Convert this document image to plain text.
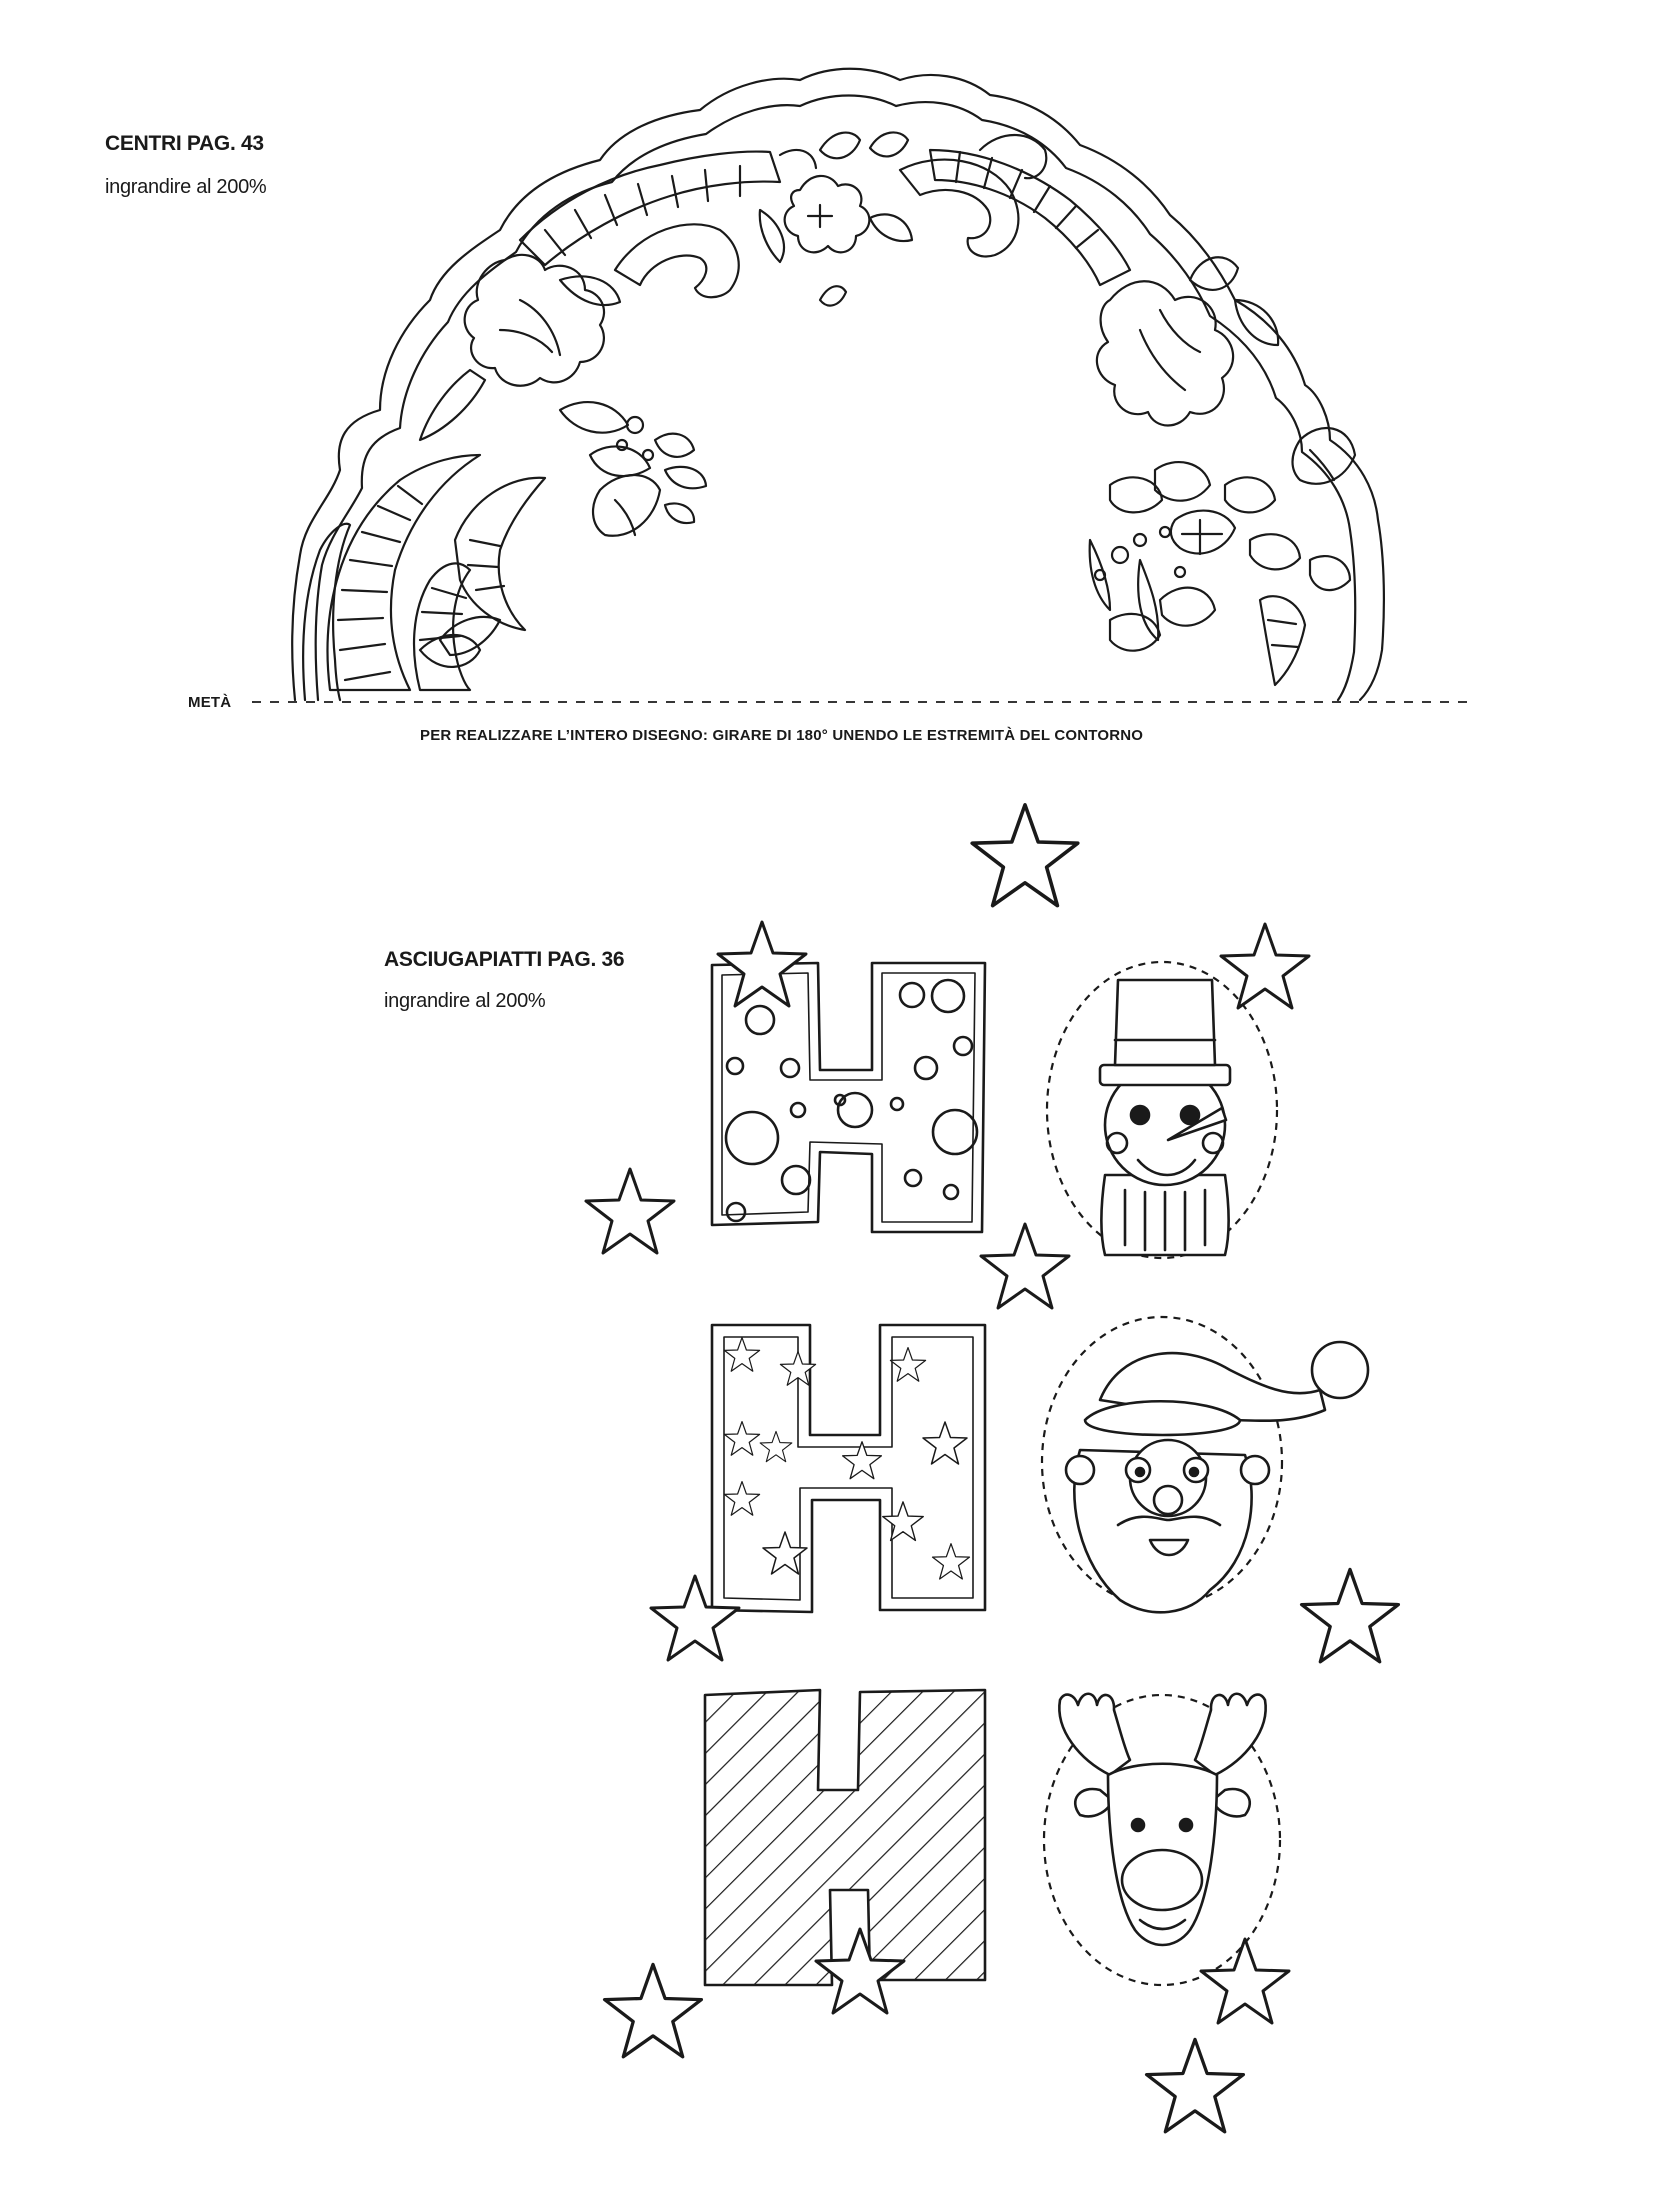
CENTRI PAG. 43
ingrandire al 200%
METÀ
PER REALIZZARE L’INTERO DISEGNO: GIRARE DI 180° UNENDO LE ESTREMITÀ DEL CONTORNO
ASCIUGAPIATTI PAG. 36
ingrandire al 200%
